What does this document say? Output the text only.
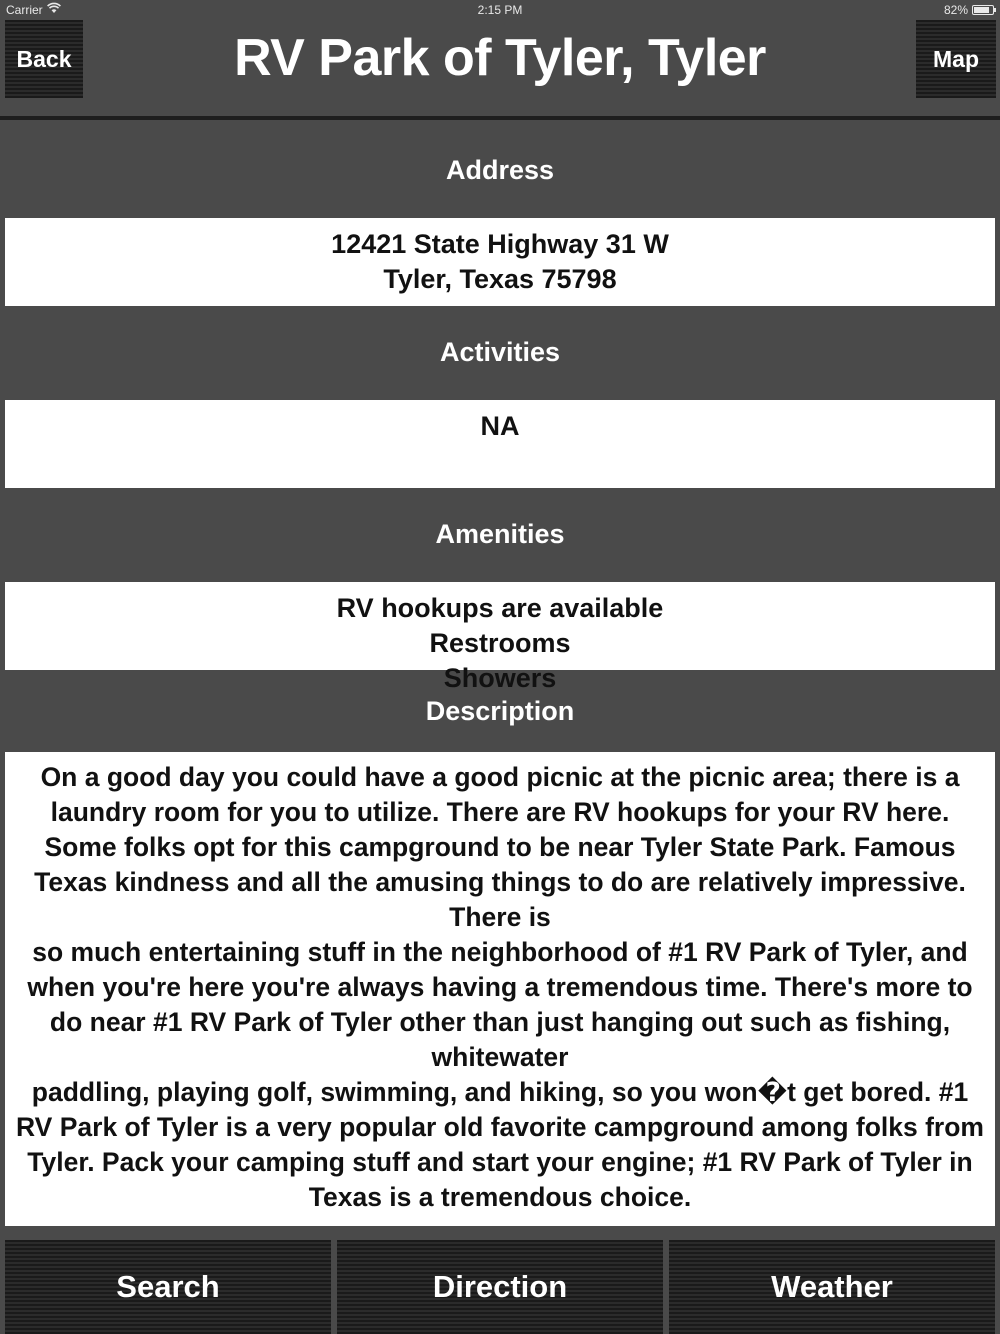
Carrier	2:15 PM	82%
Back	RV Park of Tyler, Tyler	Map
Address
12421 State Highway 31 W
Tyler, Texas 75798
Activities
NA
Amenities
RV hookups are available
Restrooms
Showers
Description

On a good day you could have a good picnic at the picnic area; there is a laundry room for you to utilize. There are RV hookups for your RV here. Some folks opt for this campground to be near Tyler State Park. Famous Texas kindness and all the amusing things to do are relatively impressive.

There is

so much entertaining stuff in the neighborhood of #1 RV Park of Tyler, and when you're here you're always having a tremendous time. There's more to do near #1 RV Park of Tyler other than just hanging out such as fishing, whitewater

paddling, playing golf, swimming, and hiking, so you won�t get bored. #1 RV Park of Tyler is a very popular old favorite campground among folks from Tyler. Pack your camping stuff and start your engine; #1 RV Park of Tyler in Texas is a tremendous choice.

Search	Direction	Weather
